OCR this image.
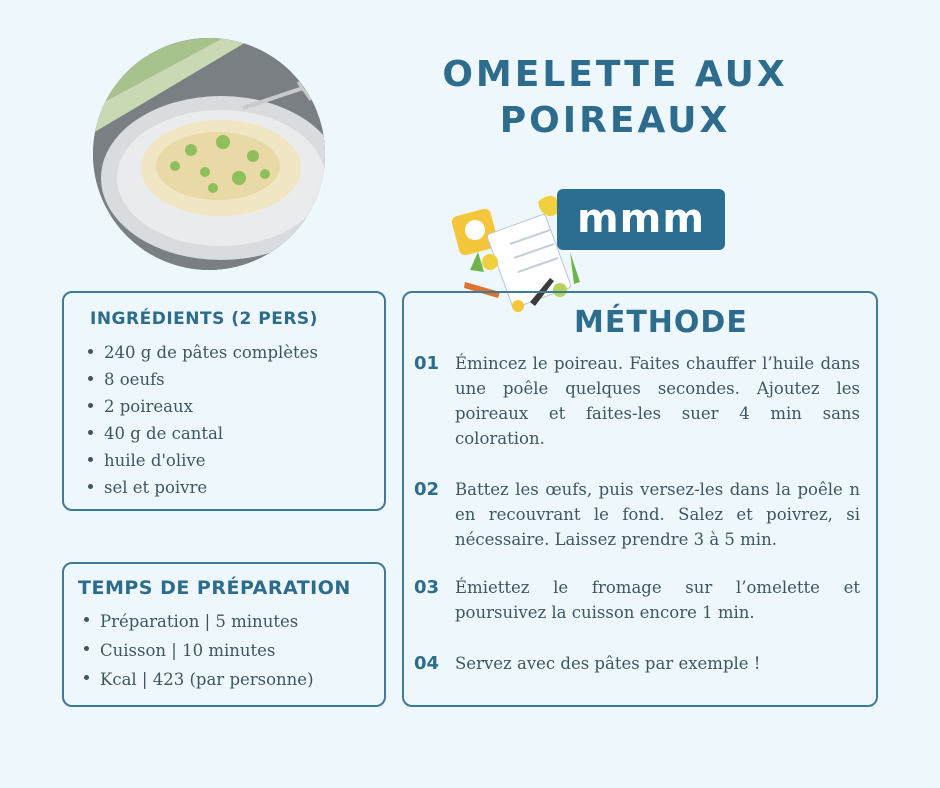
OMELETTE AUX POIREAUX
mmm
INGRÉDIENTS (2 PERS)
240 g de pâtes complètes
8 oeufs
2 poireaux
40 g de cantal
huile d'olive
sel et poivre
TEMPS DE PRÉPARATION
Préparation | 5 minutes
Cuisson | 10 minutes
Kcal | 423 (par personne)
MÉTHODE
01 Émincez le poireau. Faites chauffer l’huile dans une poêle quelques secondes. Ajoutez les poireaux et faites-les suer 4 min sans coloration.
02 Battez les œufs, puis versez-les dans la poêle n en recouvrant le fond. Salez et poivrez, si nécessaire. Laissez prendre 3 à 5 min.
03 Émiettez le fromage sur l’omelette et poursuivez la cuisson encore 1 min.
04 Servez avec des pâtes par exemple !
